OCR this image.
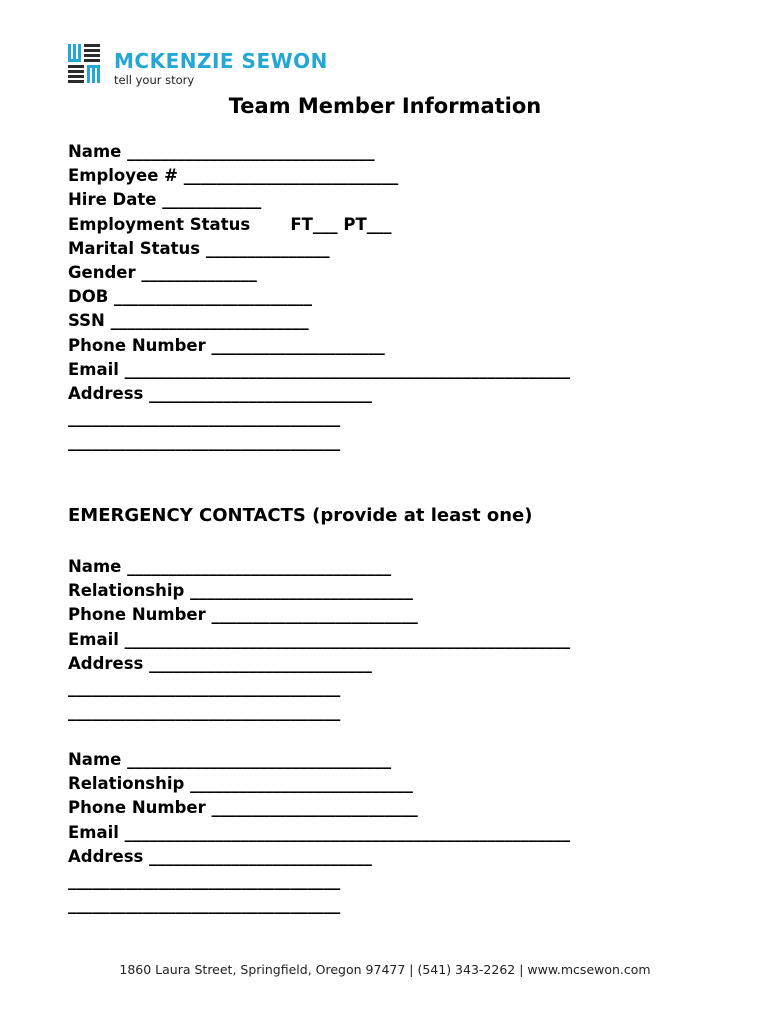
MCKENZIE SEWON
tell your story
Team Member Information
Name ______________________________
Employee # __________________________
Hire Date ____________
Employment Status       FT___ PT___
Marital Status _______________
Gender ______________
DOB ________________________
SSN ________________________
Phone Number _____________________
Email ______________________________________________________
Address ___________________________
_________________________________
_________________________________
EMERGENCY CONTACTS (provide at least one)
Name ________________________________
Relationship ___________________________
Phone Number _________________________
Email ______________________________________________________
Address ___________________________
_________________________________
_________________________________
Name ________________________________
Relationship ___________________________
Phone Number _________________________
Email ______________________________________________________
Address ___________________________
_________________________________
_________________________________
1860 Laura Street, Springfield, Oregon 97477 | (541) 343-2262 | www.mcsewon.com
